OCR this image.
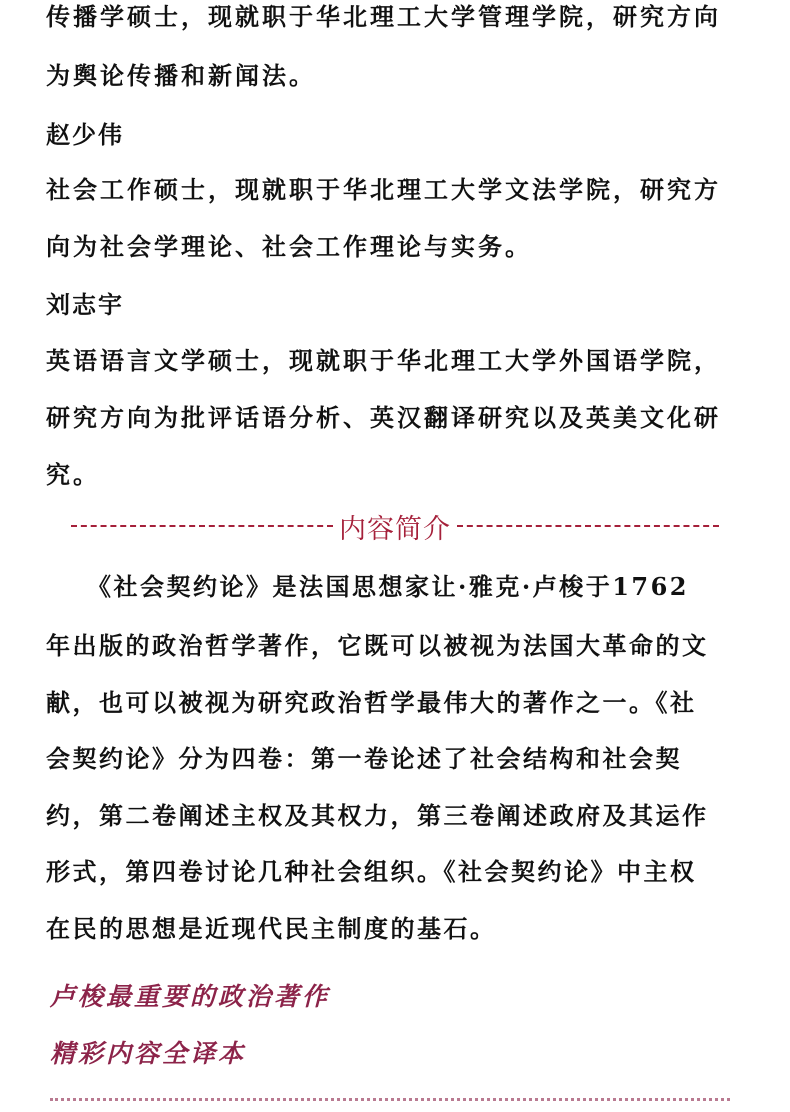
传播学硕士，现就职于华北理工大学管理学院，研究方向
为舆论传播和新闻法。
赵少伟
社会工作硕士，现就职于华北理工大学文法学院，研究方
向为社会学理论、社会工作理论与实务。
刘志宇
英语语言文学硕士，现就职于华北理工大学外国语学院，
研究方向为批评话语分析、英汉翻译研究以及英美文化研
究。
内容简介
　　《社会契约论》是法国思想家让·雅克·卢梭于1762
年出版的政治哲学著作，它既可以被视为法国大革命的文
献，也可以被视为研究政治哲学最伟大的著作之一。《社
会契约论》分为四卷：第一卷论述了社会结构和社会契
约，第二卷阐述主权及其权力，第三卷阐述政府及其运作
形式，第四卷讨论几种社会组织。《社会契约论》中主权
在民的思想是近现代民主制度的基石。
卢梭最重要的政治著作
精彩内容全译本
